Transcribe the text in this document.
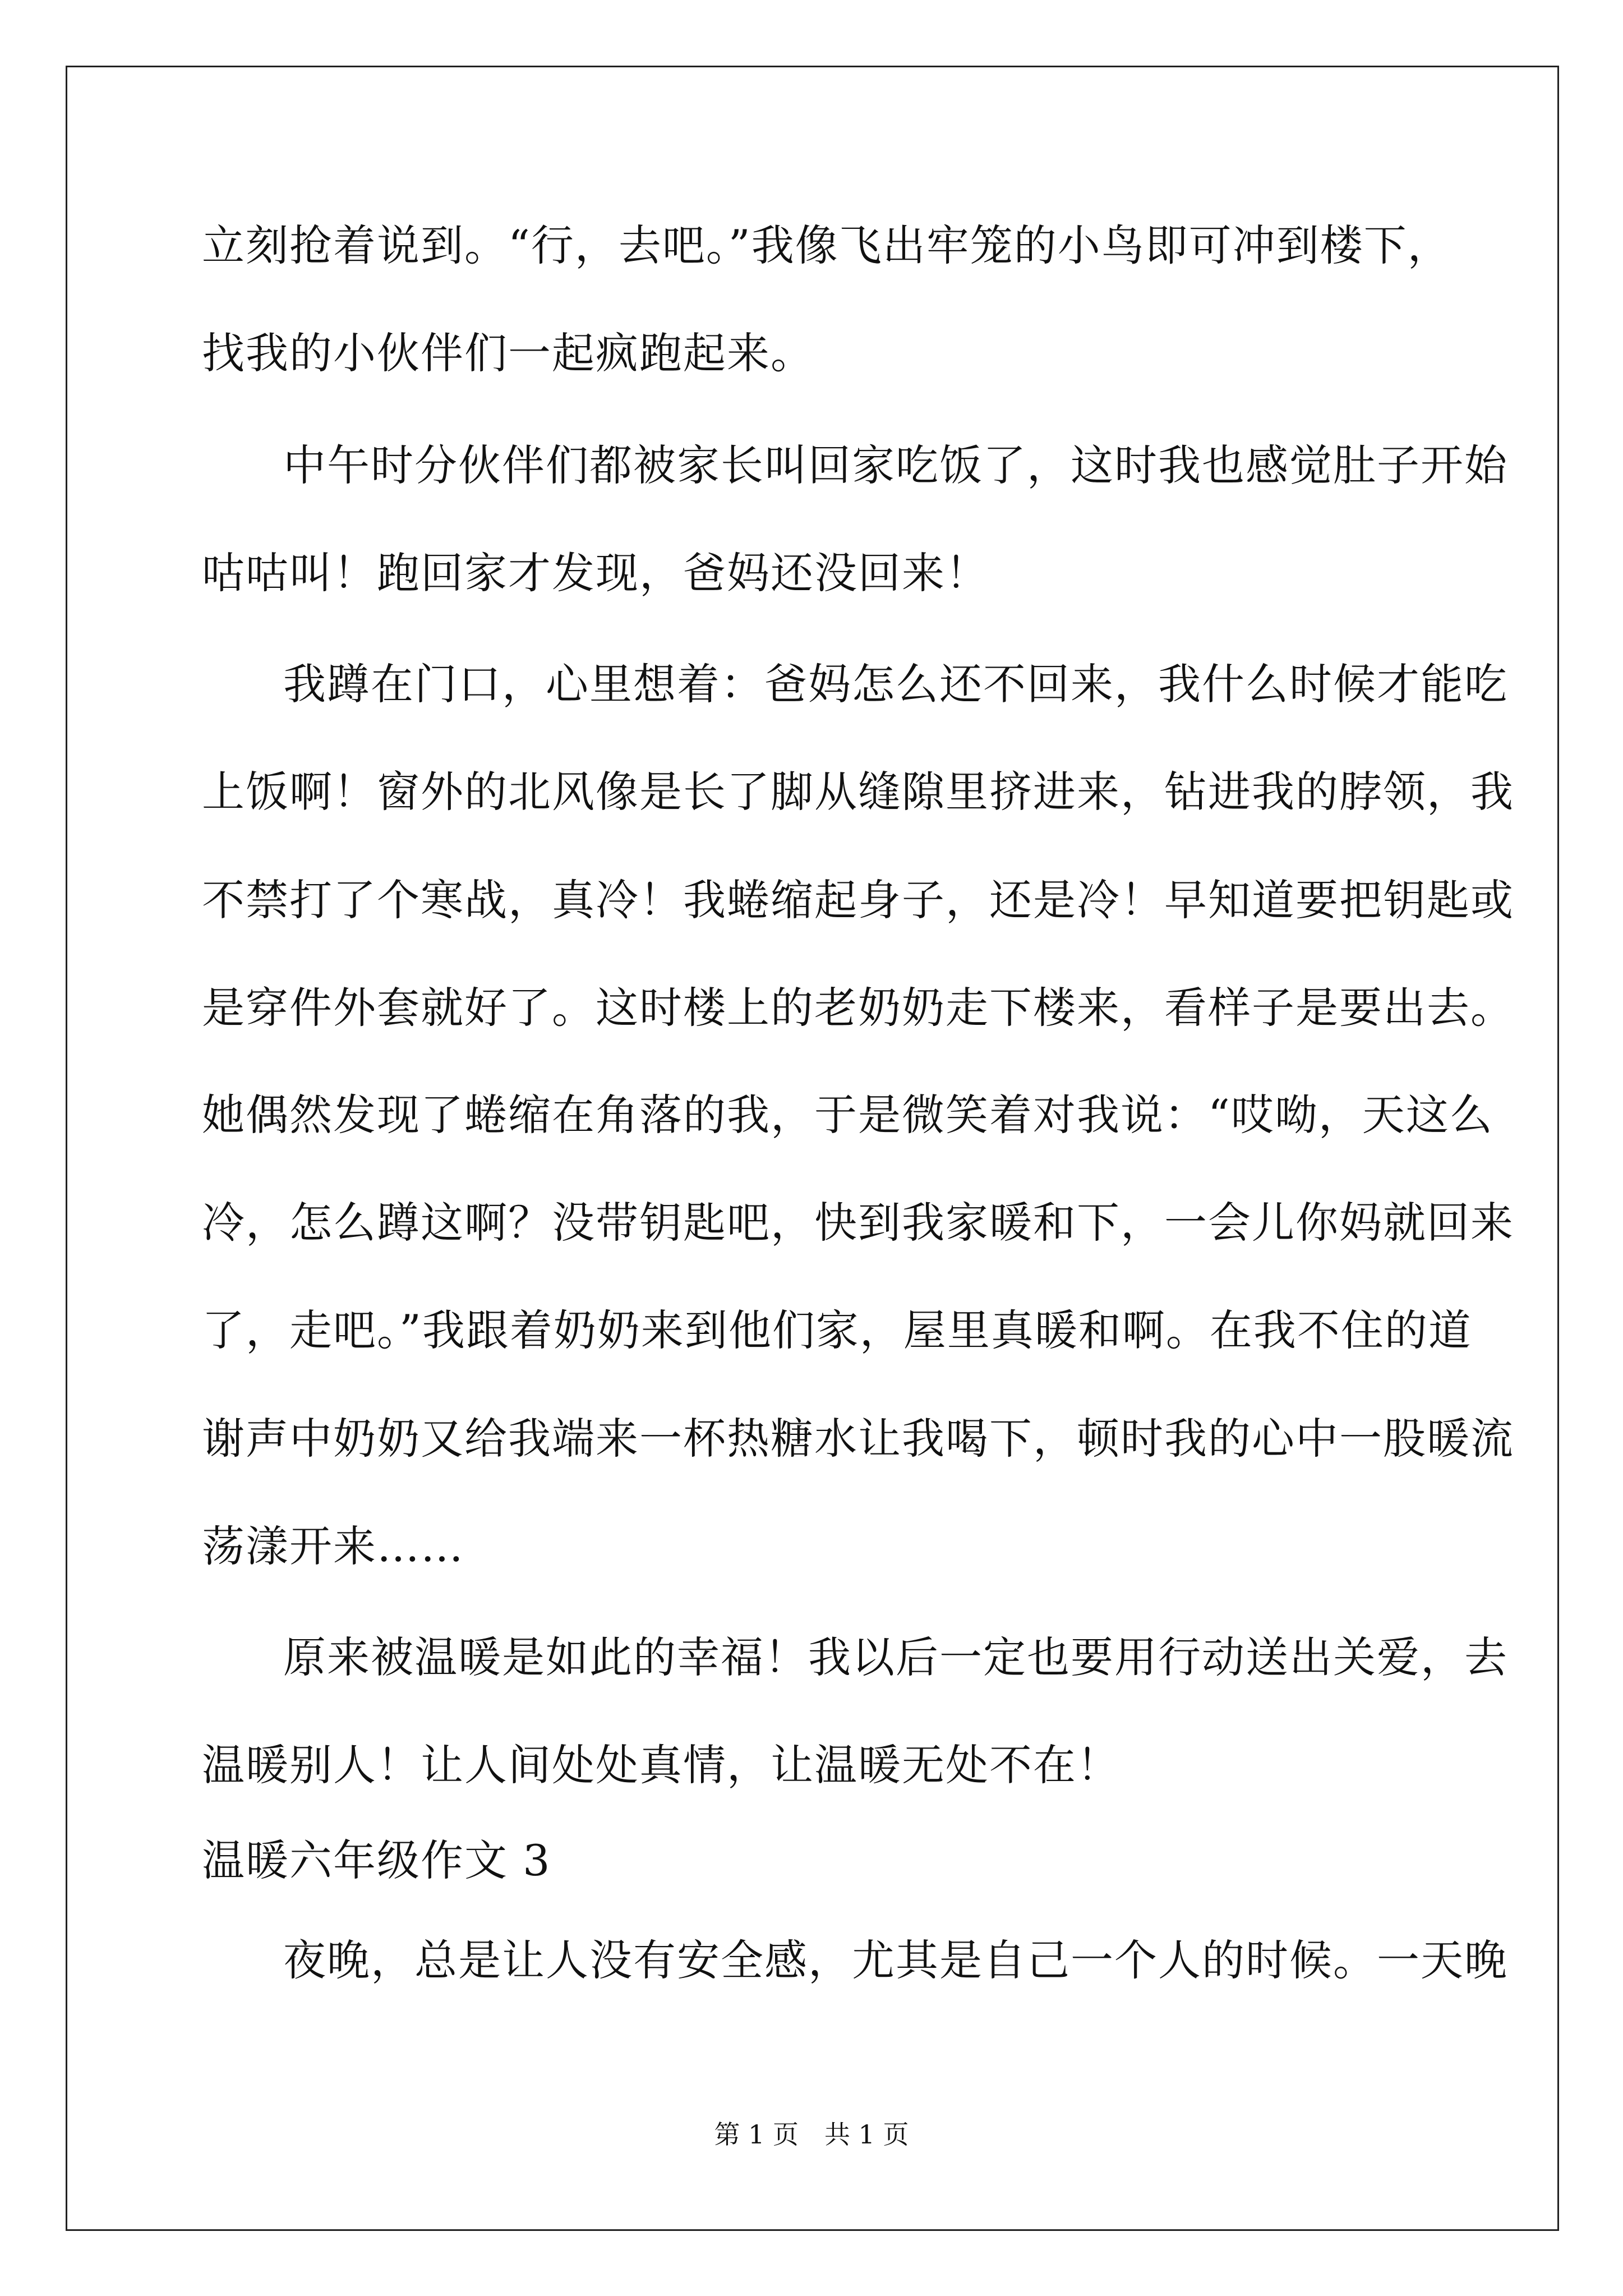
立刻抢着说到。“行，去吧。”我像飞出牢笼的小鸟即可冲到楼下，

找我的小伙伴们一起疯跑起来。

中午时分伙伴们都被家长叫回家吃饭了，这时我也感觉肚子开始

咕咕叫！跑回家才发现，爸妈还没回来！

我蹲在门口，心里想着：爸妈怎么还不回来，我什么时候才能吃

上饭啊！窗外的北风像是长了脚从缝隙里挤进来，钻进我的脖领，我

不禁打了个寒战，真冷！我蜷缩起身子，还是冷！早知道要把钥匙或

是穿件外套就好了。这时楼上的老奶奶走下楼来，看样子是要出去。

她偶然发现了蜷缩在角落的我，于是微笑着对我说：“哎呦，天这么

冷，怎么蹲这啊？没带钥匙吧，快到我家暖和下，一会儿你妈就回来

了，走吧。”我跟着奶奶来到他们家，屋里真暖和啊。在我不住的道

谢声中奶奶又给我端来一杯热糖水让我喝下，顿时我的心中一股暖流

荡漾开来……

原来被温暖是如此的幸福！我以后一定也要用行动送出关爱，去

温暖别人！让人间处处真情，让温暖无处不在！

温暖六年级作文 3

夜晚，总是让人没有安全感，尤其是自己一个人的时候。一天晚

第 1 页　共 1 页
